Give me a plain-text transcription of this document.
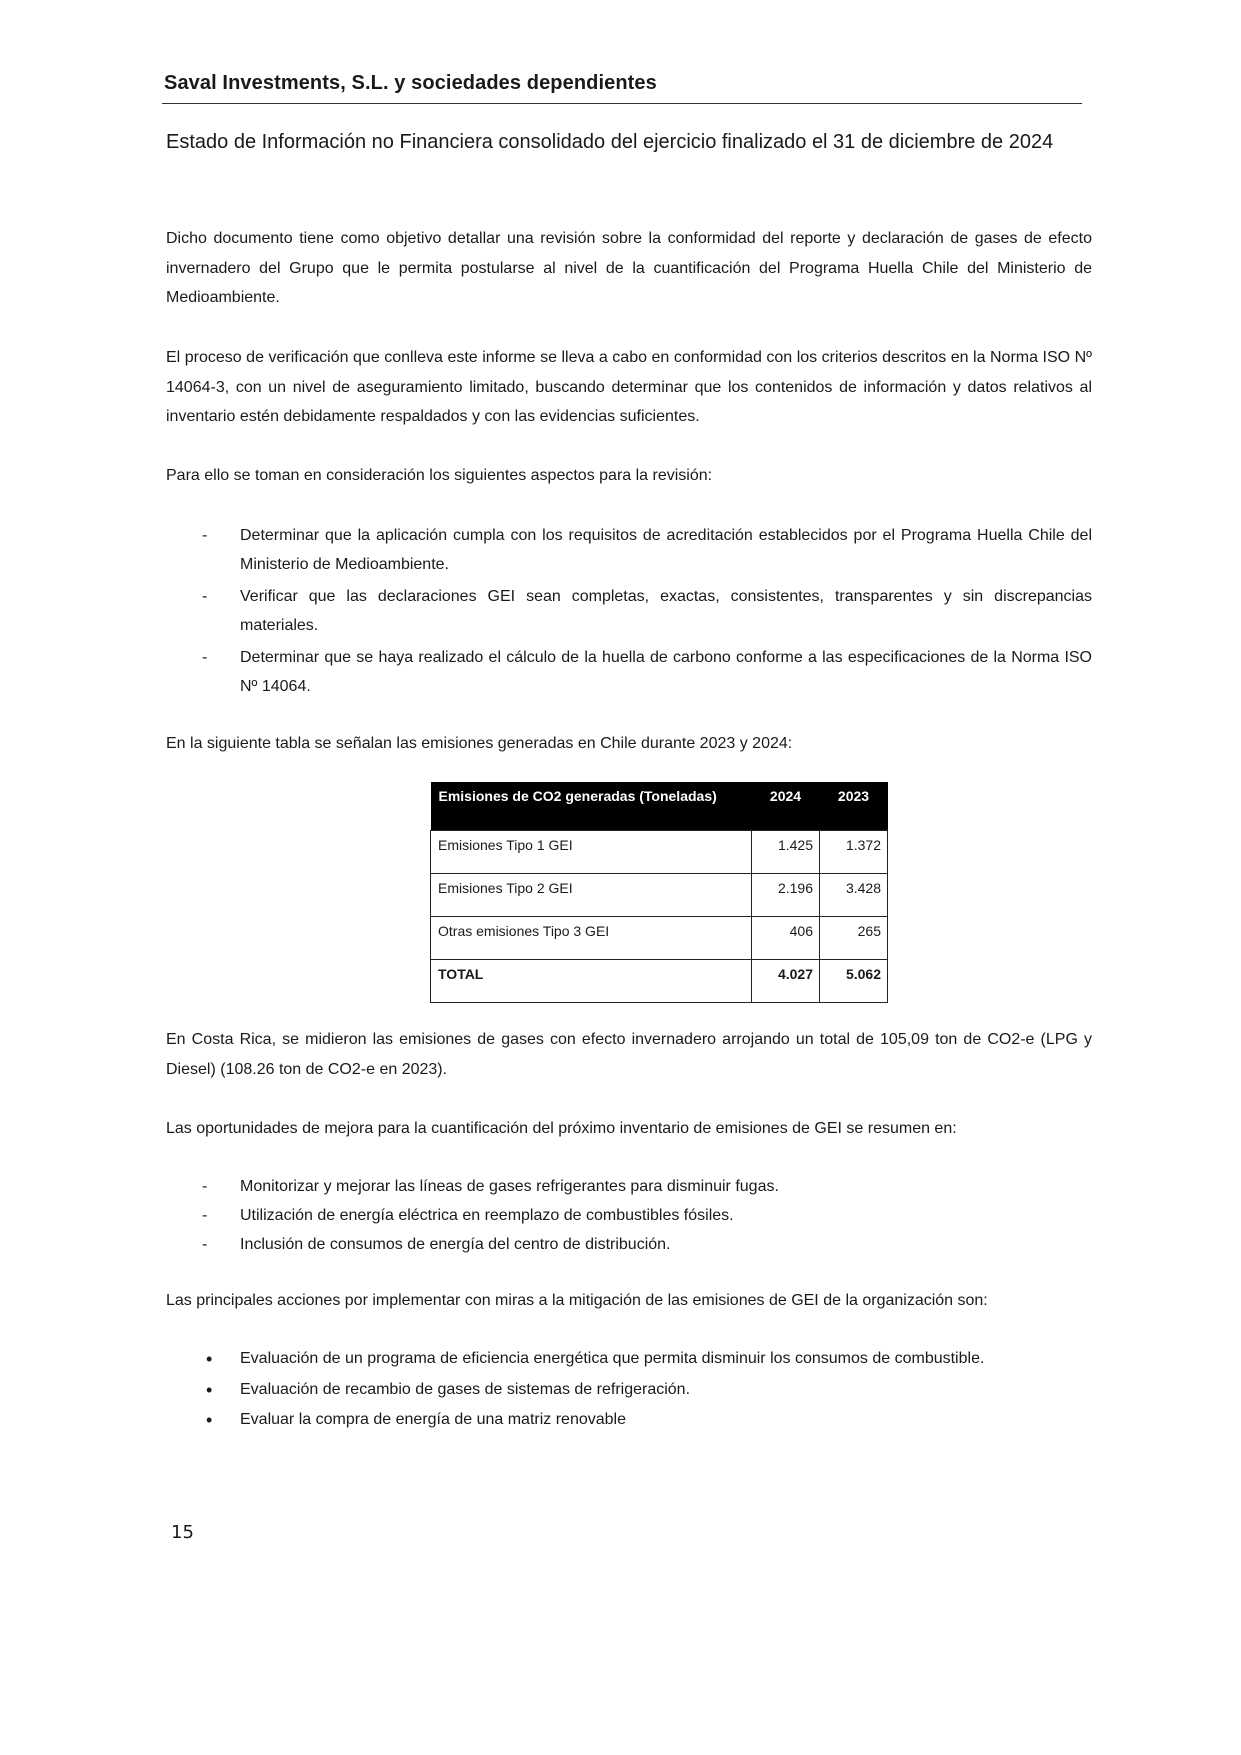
Saval Investments, S.L. y sociedades dependientes
Estado de Información no Financiera consolidado del ejercicio finalizado el 31 de diciembre de 2024

Dicho documento tiene como objetivo detallar una revisión sobre la conformidad del reporte y declaración de gases de efecto invernadero del Grupo que le permita postularse al nivel de la cuantificación del Programa Huella Chile del Ministerio de Medioambiente.

El proceso de verificación que conlleva este informe se lleva a cabo en conformidad con los criterios descritos en la Norma ISO Nº 14064-3, con un nivel de aseguramiento limitado, buscando determinar que los contenidos de información y datos relativos al inventario estén debidamente respaldados y con las evidencias suficientes.

Para ello se toman en consideración los siguientes aspectos para la revisión:

- Determinar que la aplicación cumpla con los requisitos de acreditación establecidos por el Programa Huella Chile del Ministerio de Medioambiente.
- Verificar que las declaraciones GEI sean completas, exactas, consistentes, transparentes y sin discrepancias materiales.
- Determinar que se haya realizado el cálculo de la huella de carbono conforme a las especificaciones de la Norma ISO Nº 14064.

En la siguiente tabla se señalan las emisiones generadas en Chile durante 2023 y 2024:

Emisiones de CO2 generadas (Toneladas)	2024	2023
Emisiones Tipo 1 GEI	1.425	1.372
Emisiones Tipo 2 GEI	2.196	3.428
Otras emisiones Tipo 3 GEI	406	265
TOTAL	4.027	5.062

En Costa Rica, se midieron las emisiones de gases con efecto invernadero arrojando un total de 105,09 ton de CO2-e (LPG y Diesel) (108.26 ton de CO2-e en 2023).

Las oportunidades de mejora para la cuantificación del próximo inventario de emisiones de GEI se resumen en:

- Monitorizar y mejorar las líneas de gases refrigerantes para disminuir fugas.
- Utilización de energía eléctrica en reemplazo de combustibles fósiles.
- Inclusión de consumos de energía del centro de distribución.

Las principales acciones por implementar con miras a la mitigación de las emisiones de GEI de la organización son:

• Evaluación de un programa de eficiencia energética que permita disminuir los consumos de combustible.
• Evaluación de recambio de gases de sistemas de refrigeración.
• Evaluar la compra de energía de una matriz renovable
15
